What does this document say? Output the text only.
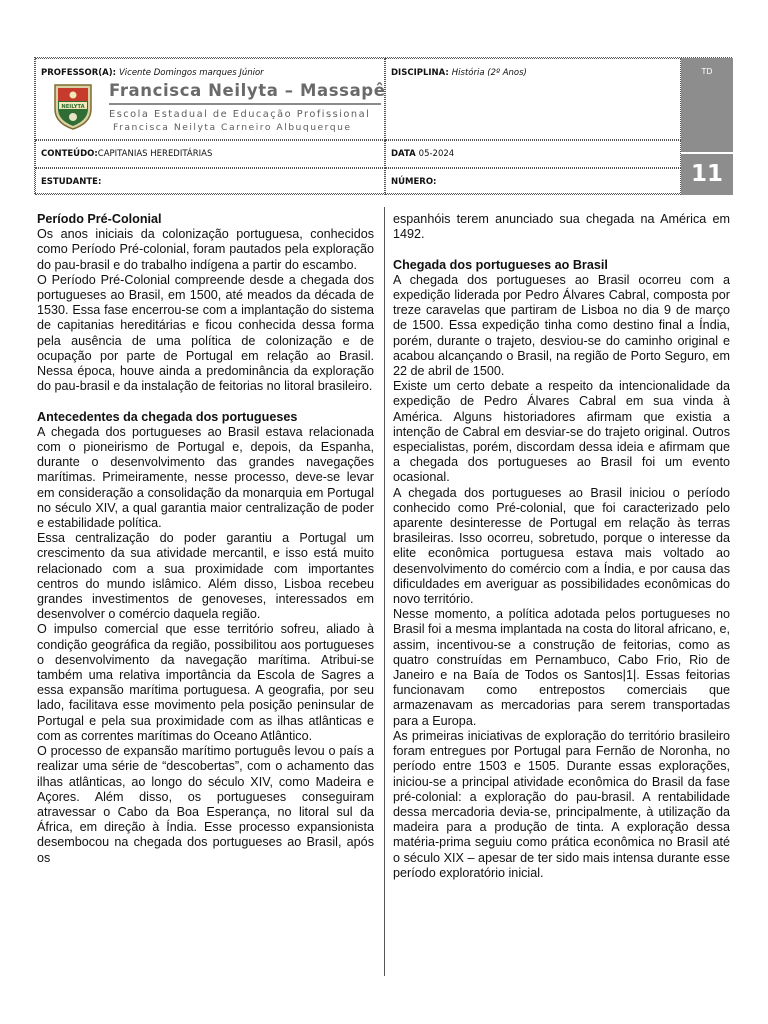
PROFESSOR(A): Vicente Domingos marques Júnior
NEILYTA
Francisca Neilyta – Massapê
Escola Estadual de Educação Profissional
Francisca Neilyta Carneiro Albuquerque
DISCIPLINA: História (2º Anos)
CONTEÚDO:CAPITANIAS HEREDITÁRIAS	DATA 05-2024
ESTUDANTE:	NÚMERO:
TD
11
Período Pré-Colonial

Os anos iniciais da colonização portuguesa, conhecidos como Período Pré-colonial, foram pautados pela exploração do pau-brasil e do trabalho indígena a partir do escambo.

O Período Pré-Colonial compreende desde a chegada dos portugueses ao Brasil, em 1500, até meados da década de 1530. Essa fase encerrou-se com a implantação do sistema de capitanias hereditárias e ficou conhecida dessa forma pela ausência de uma política de colonização e de ocupação por parte de Portugal em relação ao Brasil. Nessa época, houve ainda a predominância da exploração do pau-brasil e da instalação de feitorias no litoral brasileiro.

Antecedentes da chegada dos portugueses

A chegada dos portugueses ao Brasil estava relacionada com o pioneirismo de Portugal e, depois, da Espanha, durante o desenvolvimento das grandes navegações marítimas. Primeiramente, nesse processo, deve-se levar em consideração a consolidação da monarquia em Portugal no século XIV, a qual garantia maior centralização de poder e estabilidade política.

Essa centralização do poder garantiu a Portugal um crescimento da sua atividade mercantil, e isso está muito relacionado com a sua proximidade com importantes centros do mundo islâmico. Além disso, Lisboa recebeu grandes investimentos de genoveses, interessados em desenvolver o comércio daquela região.

O impulso comercial que esse território sofreu, aliado à condição geográfica da região, possibilitou aos portugueses o desenvolvimento da navegação marítima. Atribui-se também uma relativa importância da Escola de Sagres a essa expansão marítima portuguesa. A geografia, por seu lado, facilitava esse movimento pela posição peninsular de Portugal e pela sua proximidade com as ilhas atlânticas e com as correntes marítimas do Oceano Atlântico.

O processo de expansão marítimo português levou o país a realizar uma série de “descobertas”, com o achamento das ilhas atlânticas, ao longo do século XIV, como Madeira e Açores. Além disso, os portugueses conseguiram atravessar o Cabo da Boa Esperança, no litoral sul da África, em direção à Índia. Esse processo expansionista desembocou na chegada dos portugueses ao Brasil, após os

espanhóis terem anunciado sua chegada na América em 1492.

Chegada dos portugueses ao Brasil

A chegada dos portugueses ao Brasil ocorreu com a expedição liderada por Pedro Álvares Cabral, composta por treze caravelas que partiram de Lisboa no dia 9 de março de 1500. Essa expedição tinha como destino final a Índia, porém, durante o trajeto, desviou-se do caminho original e acabou alcançando o Brasil, na região de Porto Seguro, em 22 de abril de 1500.

Existe um certo debate a respeito da intencionalidade da expedição de Pedro Álvares Cabral em sua vinda à América. Alguns historiadores afirmam que existia a intenção de Cabral em desviar-se do trajeto original. Outros especialistas, porém, discordam dessa ideia e afirmam que a chegada dos portugueses ao Brasil foi um evento ocasional.

A chegada dos portugueses ao Brasil iniciou o período conhecido como Pré-colonial, que foi caracterizado pelo aparente desinteresse de Portugal em relação às terras brasileiras. Isso ocorreu, sobretudo, porque o interesse da elite econômica portuguesa estava mais voltado ao desenvolvimento do comércio com a Índia, e por causa das dificuldades em averiguar as possibilidades econômicas do novo território.

Nesse momento, a política adotada pelos portugueses no Brasil foi a mesma implantada na costa do litoral africano, e, assim, incentivou-se a construção de feitorias, como as quatro construídas em Pernambuco, Cabo Frio, Rio de Janeiro e na Baía de Todos os Santos|1|. Essas feitorias funcionavam como entrepostos comerciais que armazenavam as mercadorias para serem transportadas para a Europa.

As primeiras iniciativas de exploração do território brasileiro foram entregues por Portugal para Fernão de Noronha, no período entre 1503 e 1505. Durante essas explorações, iniciou-se a principal atividade econômica do Brasil da fase pré-colonial: a exploração do pau-brasil. A rentabilidade dessa mercadoria devia-se, principalmente, à utilização da madeira para a produção de tinta. A exploração dessa matéria-prima seguiu como prática econômica no Brasil até o século XIX – apesar de ter sido mais intensa durante esse período exploratório inicial.
